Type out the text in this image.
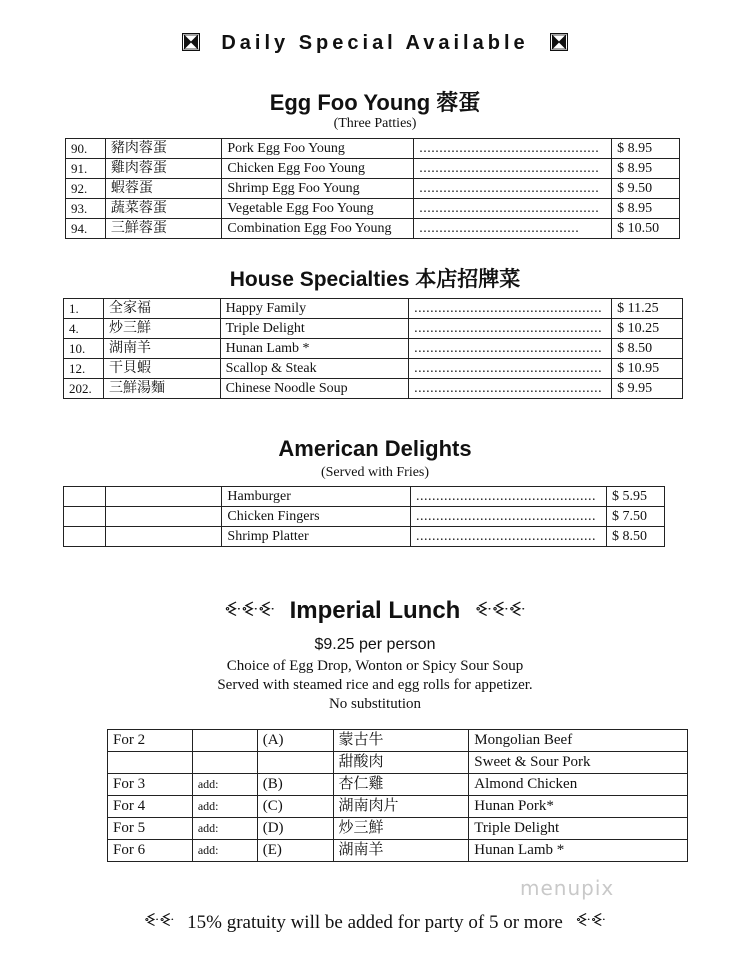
Daily Special Available
Egg Foo Young 蓉蛋
(Three Patties)
90.	豬肉蓉蛋	Pork Egg Foo Young	.............................................	$ 8.95
91.	雞肉蓉蛋	Chicken Egg Foo Young	.............................................	$ 8.95
92.	蝦蓉蛋	Shrimp Egg Foo Young	.............................................	$ 9.50
93.	蔬菜蓉蛋	Vegetable Egg Foo Young	.............................................	$ 8.95
94.	三鮮蓉蛋	Combination Egg Foo Young	........................................	$ 10.50
House Specialties 本店招牌菜
1.	全家福	Happy Family	...............................................	$ 11.25
4.	炒三鮮	Triple Delight	...............................................	$ 10.25
10.	湖南羊	Hunan Lamb *	...............................................	$ 8.50
12.	干貝蝦	Scallop & Steak	...............................................	$ 10.95
202.	三鮮湯麵	Chinese Noodle Soup	...............................................	$ 9.95
American Delights
(Served with Fries)
		Hamburger	.............................................	$ 5.95
		Chicken Fingers	.............................................	$ 7.50
		Shrimp Platter	.............................................	$ 8.50
ꔾꔾꔾ Imperial Lunch ꔾꔾꔾ
$9.25 per person
Choice of Egg Drop, Wonton or Spicy Sour Soup
Served with steamed rice and egg rolls for appetizer.
No substitution
For 2		(A)	蒙古牛	Mongolian Beef
			甜酸肉	Sweet & Sour Pork
For 3	add:	(B)	杏仁雞	Almond Chicken
For 4	add:	(C)	湖南肉片	Hunan Pork*
For 5	add:	(D)	炒三鮮	Triple Delight
For 6	add:	(E)	湖南羊	Hunan Lamb *
ꔾꔾ 15% gratuity will be added for party of 5 or more ꔾꔾ
menupix
